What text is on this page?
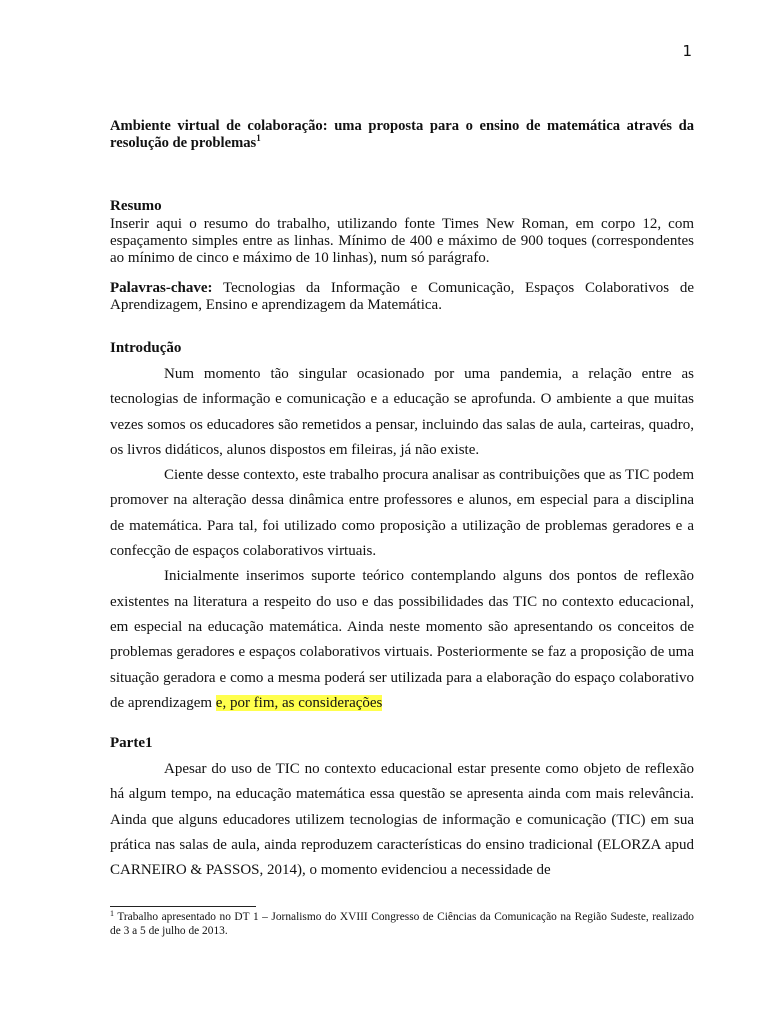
1

Ambiente virtual de colaboração: uma proposta para o ensino de matemática através da resolução de problemas$^1$

Resumo

Inserir aqui o resumo do trabalho, utilizando fonte Times New Roman, em corpo 12, com espaçamento simples entre as linhas. Mínimo de 400 e máximo de 900 toques (correspondentes ao mínimo de cinco e máximo de 10 linhas), num só parágrafo.

Palavras-chave: Tecnologias da Informação e Comunicação, Espaços Colaborativos de Aprendizagem, Ensino e aprendizagem da Matemática.

Introdução

Num momento tão singular ocasionado por uma pandemia, a relação entre as tecnologias de informação e comunicação e a educação se aprofunda. O ambiente a que muitas vezes somos os educadores são remetidos a pensar, incluindo das salas de aula, carteiras, quadro, os livros didáticos, alunos dispostos em fileiras, já não existe.

Ciente desse contexto, este trabalho procura analisar as contribuições que as TIC podem promover na alteração dessa dinâmica entre professores e alunos, em especial para a disciplina de matemática. Para tal, foi utilizado como proposição a utilização de problemas geradores e a confecção de espaços colaborativos virtuais.

Inicialmente inserimos suporte teórico contemplando alguns dos pontos de reflexão existentes na literatura a respeito do uso e das possibilidades das TIC no contexto educacional, em especial na educação matemática. Ainda neste momento são apresentando os conceitos de problemas geradores e espaços colaborativos virtuais. Posteriormente se faz a proposição de uma situação geradora e como a mesma poderá ser utilizada para a elaboração do espaço colaborativo de aprendizagem e, por fim, as considerações

Parte1

Apesar do uso de TIC no contexto educacional estar presente como objeto de reflexão há algum tempo, na educação matemática essa questão se apresenta ainda com mais relevância. Ainda que alguns educadores utilizem tecnologias de informação e comunicação (TIC) em sua prática nas salas de aula, ainda reproduzem características do ensino tradicional (ELORZA apud CARNEIRO & PASSOS, 2014), o momento evidenciou a necessidade de

$^1$ Trabalho apresentado no DT 1 – Jornalismo do XVIII Congresso de Ciências da Comunicação na Região Sudeste, realizado de 3 a 5 de julho de 2013.
